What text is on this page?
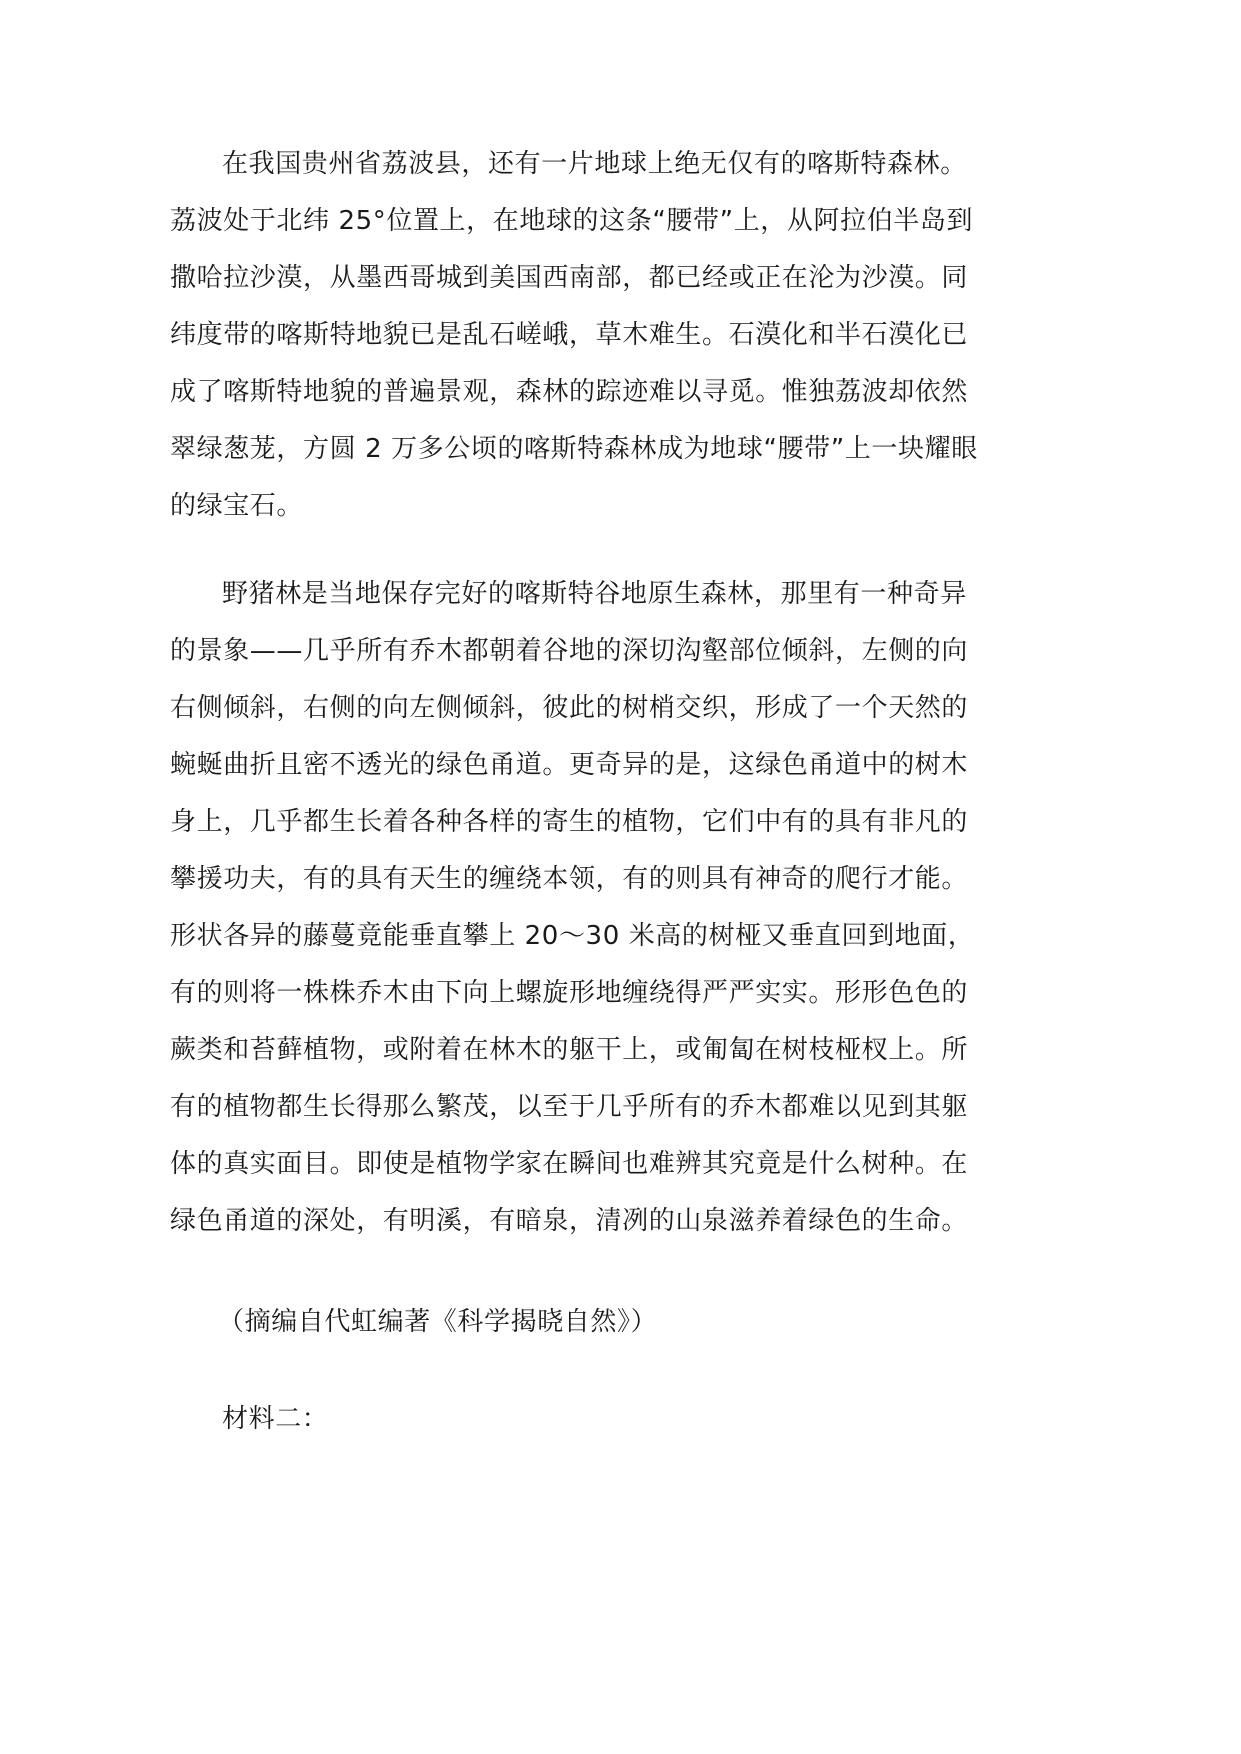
在我国贵州省荔波县，还有一片地球上绝无仅有的喀斯特森林。
荔波处于北纬 25°位置上，在地球的这条“腰带”上，从阿拉伯半岛到
撒哈拉沙漠，从墨西哥城到美国西南部，都已经或正在沦为沙漠。同
纬度带的喀斯特地貌已是乱石嵯峨，草木难生。石漠化和半石漠化已
成了喀斯特地貌的普遍景观，森林的踪迹难以寻觅。惟独荔波却依然
翠绿葱茏，方圆 2 万多公顷的喀斯特森林成为地球“腰带”上一块耀眼
的绿宝石。
野猪林是当地保存完好的喀斯特谷地原生森林，那里有一种奇异
的景象——几乎所有乔木都朝着谷地的深切沟壑部位倾斜，左侧的向
右侧倾斜，右侧的向左侧倾斜，彼此的树梢交织，形成了一个天然的
蜿蜒曲折且密不透光的绿色甬道。更奇异的是，这绿色甬道中的树木
身上，几乎都生长着各种各样的寄生的植物，它们中有的具有非凡的
攀援功夫，有的具有天生的缠绕本领，有的则具有神奇的爬行才能。
形状各异的藤蔓竟能垂直攀上 20～30 米高的树桠又垂直回到地面，
有的则将一株株乔木由下向上螺旋形地缠绕得严严实实。形形色色的
蕨类和苔藓植物，或附着在林木的躯干上，或匍匐在树枝桠杈上。所
有的植物都生长得那么繁茂，以至于几乎所有的乔木都难以见到其躯
体的真实面目。即使是植物学家在瞬间也难辨其究竟是什么树种。在
绿色甬道的深处，有明溪，有暗泉，清冽的山泉滋养着绿色的生命。
（摘编自代虹编著《科学揭晓自然》）
材料二：
